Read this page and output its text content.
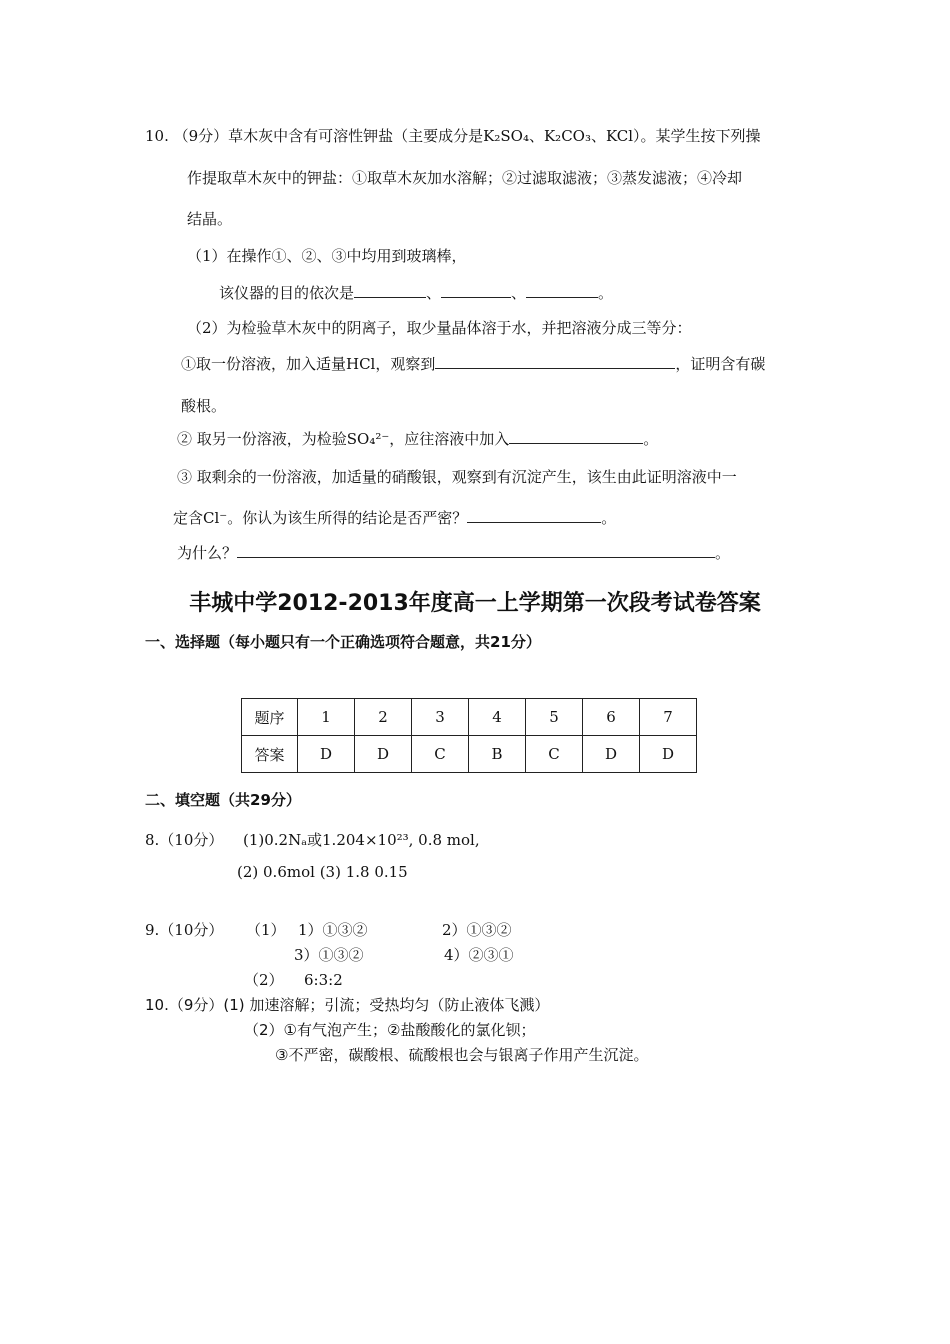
10. （9分）草木灰中含有可溶性钾盐（主要成分是K₂SO₄、K₂CO₃、KCl）。某学生按下列操
作提取草木灰中的钾盐：①取草木灰加水溶解；②过滤取滤液；③蒸发滤液；④冷却
结晶。
（1）在操作①、②、③中均用到玻璃棒，
该仪器的目的依次是	、	、	。
（2）为检验草木灰中的阴离子，取少量晶体溶于水，并把溶液分成三等分：
①取一份溶液，加入适量HCl，观察到	，证明含有碳
酸根。
② 取另一份溶液，为检验SO₄²⁻，应往溶液中加入	。
③ 取剩余的一份溶液，加适量的硝酸银，观察到有沉淀产生，该生由此证明溶液中一
定含Cl⁻。你认为该生所得的结论是否严密？	。
为什么？	。
丰城中学2012-2013年度高一上学期第一次段考试卷答案
一、选择题（每小题只有一个正确选项符合题意，共21分）
题序	1	2	3	4	5	6	7
答案	D	D	C	B	C	D	D
二、填空题（共29分）
8.（10分） (1)0.2Nₐ或1.204×10²³, 0.8 mol,
(2) 0.6mol (3) 1.8 0.15
9.（10分） （1） 1）①③②	2）①③②
3）①③②	4）②③①
（2） 6:3:2
10.（9分）(1) 加速溶解；引流；受热均匀（防止液体飞溅）
（2）①有气泡产生；②盐酸酸化的氯化钡；
③不严密，碳酸根、硫酸根也会与银离子作用产生沉淀。
